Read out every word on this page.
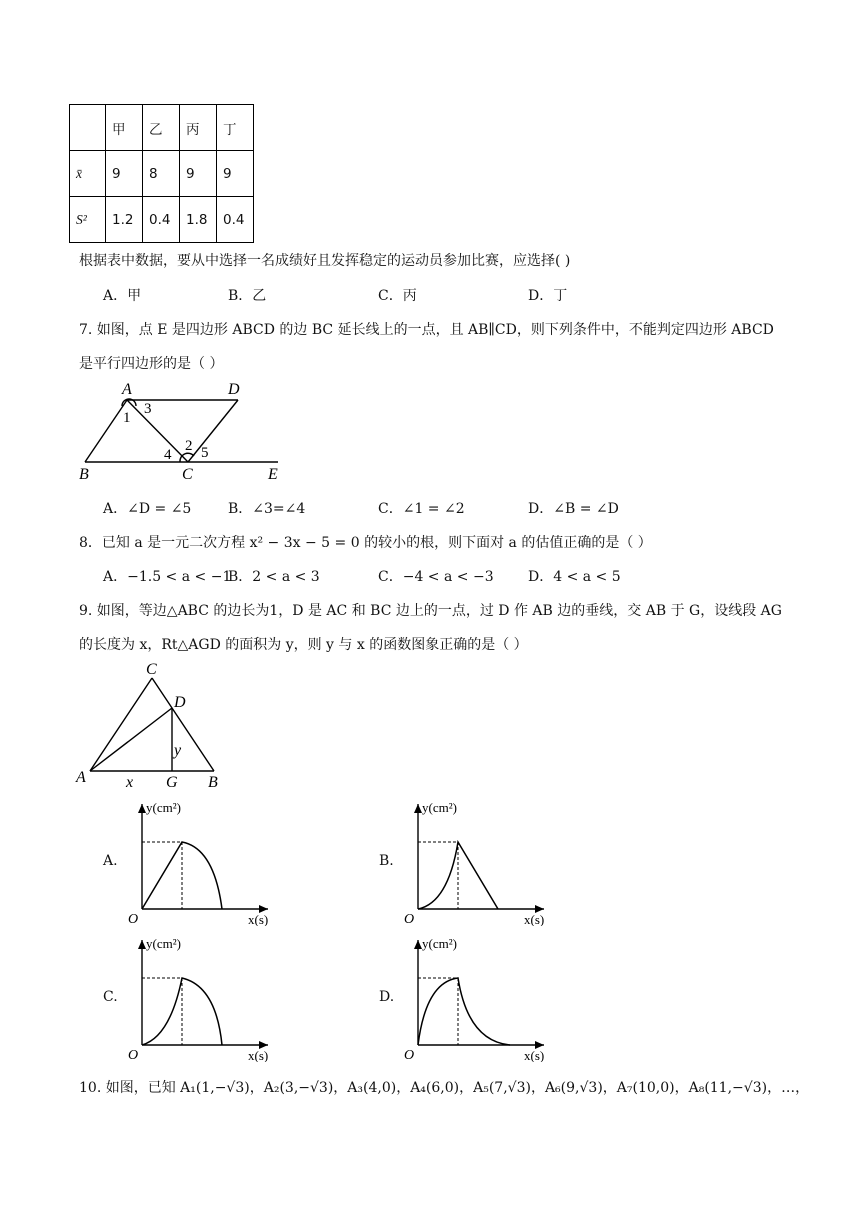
	甲	乙	丙	丁
x̄	9	8	9	9
S²	1.2	0.4	1.8	0.4
根据表中数据，要从中选择一名成绩好且发挥稳定的运动员参加比赛，应选择( )
A．甲	B．乙	C．丙	D．丁
7. 如图，点 E 是四边形 ABCD 的边 BC 延长线上的一点，且 AB∥CD，则下列条件中，不能判定四边形 ABCD
是平行四边形的是（ ）
A	D
B	C	E
1
2
3
4 5
A．∠D = ∠5	B．∠3=∠4	C．∠1 = ∠2	D．∠B = ∠D
8．已知 a 是一元二次方程 x² − 3x − 5 = 0 的较小的根，则下面对 a 的估值正确的是（ ）
A．−1.5 < a < −1
B．2 < a < 3	C．−4 < a < −3 D．4 < a < 5
9. 如图，等边△ABC 的边长为1，D 是 AC 和 BC 边上的一点，过 D 作 AB 边的垂线，交 AB 于 G，设线段 AG
的长度为 x，Rt△AGD 的面积为 y，则 y 与 x 的函数图象正确的是（ ）
C
D
y
A	x G B
A.	B.
C.	D.
y(cm²)
x(s)
O
y(cm²)
x(s)
O
y(cm²)
x(s)
O
y(cm²)
x(s)
O
10. 如图，已知 A₁(1,−√3)，A₂(3,−√3)，A₃(4,0)，A₄(6,0)，A₅(7,√3)，A₆(9,√3)，A₇(10,0)，A₈(11,−√3)，…，
